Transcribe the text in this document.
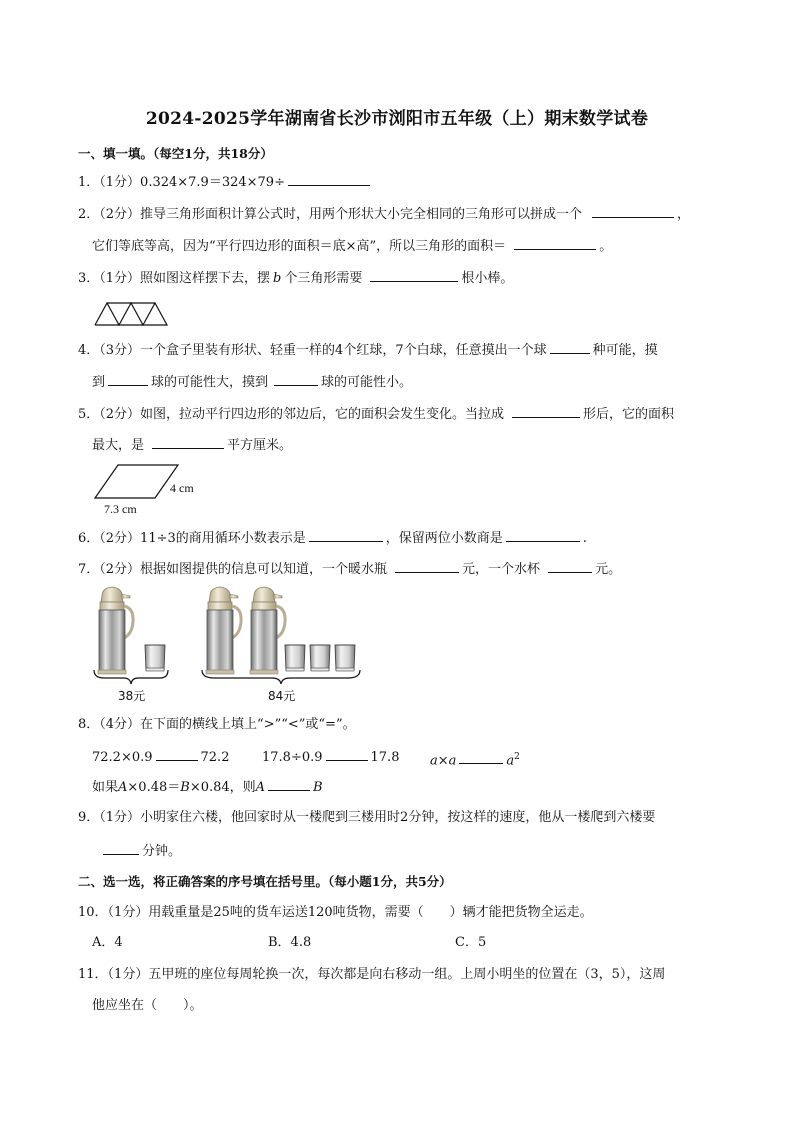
2024-2025学年湖南省长沙市浏阳市五年级（上）期末数学试卷
一、填一填。（每空1分，共18分）
1．（1分）0.324×7.9＝324×79÷
2．（2分）推导三角形面积计算公式时，用两个形状大小完全相同的三角形可以拼成一个	，
它们等底等高，因为“平行四边形的面积＝底×高”，所以三角形的面积＝	。
3．（1分）照如图这样摆下去，摆 b 个三角形需要	根小棒。
4．（3分）一个盒子里装有形状、轻重一样的4个红球，7个白球，任意摸出一个球	种可能，摸
到	球的可能性大，摸到	球的可能性小。
5．（2分）如图，拉动平行四边形的邻边后，它的面积会发生变化。当拉成	形后，它的面积
最大，是	平方厘米。
4 cm
7.3 cm
6．（2分）11÷3的商用循环小数表示是	，保留两位小数商是	.
7．（2分）根据如图提供的信息可以知道，一个暖水瓶	元，一个水杯	元。
38元	84元
8．（4分）在下面的横线上填上“>”“<”或“=”。
72.2×0.9	72.2	17.8÷0.9	17.8 a×a	$a^2$
如果A×0.48＝B×0.84，则A	B
9．（1分）小明家住六楼，他回家时从一楼爬到三楼用时2分钟，按这样的速度，他从一楼爬到六楼要
分钟。
二、选一选，将正确答案的序号填在括号里。（每小题1分，共5分）
10．（1分）用载重量是25吨的货车运送120吨货物，需要（　　）辆才能把货物全运走。
A．4	B．4.8	C．5
11．（1分）五甲班的座位每周轮换一次，每次都是向右移动一组。上周小明坐的位置在（3，5），这周
他应坐在（　　）。
